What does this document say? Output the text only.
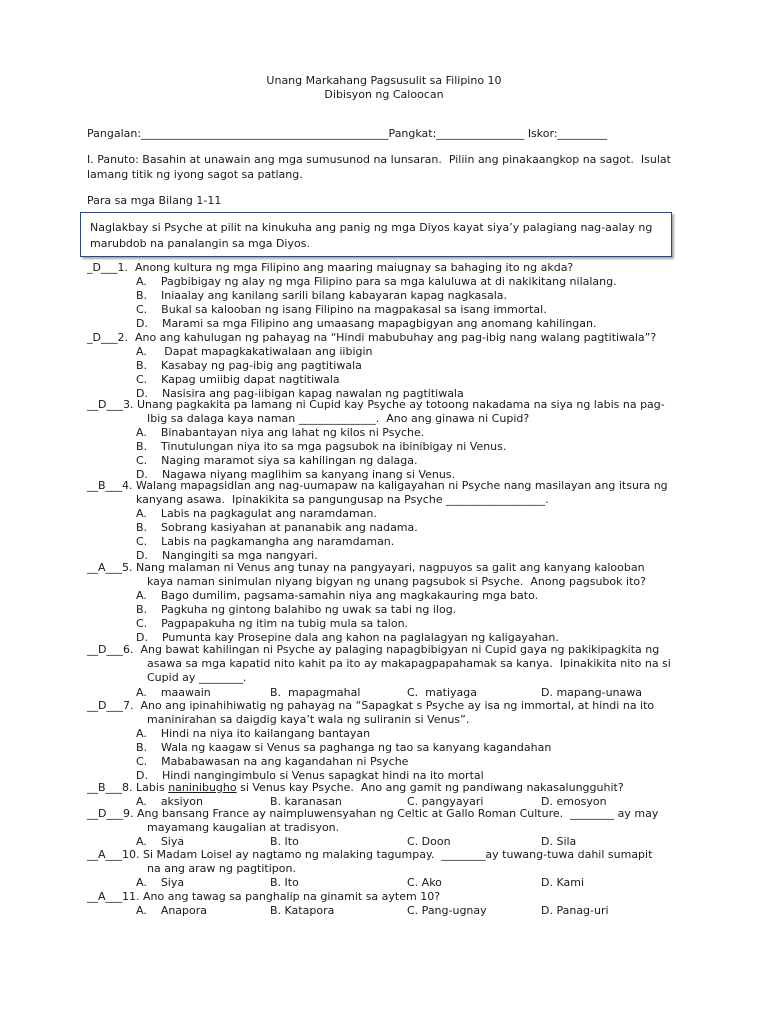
Unang Markahang Pagsusulit sa Filipino 10
Dibisyon ng Caloocan
Pangalan:_____________________________________________Pangkat:________________ Iskor:_________
I. Panuto: Basahin at unawain ang mga sumusunod na lunsaran.  Piliin ang pinakaangkop na sagot.  Isulat
lamang titik ng iyong sagot sa patlang.
Para sa mga Bilang 1-11
Naglakbay si Psyche at pilit na kinukuha ang panig ng mga Diyos kayat siya’y palagiang nag-aalay ng marubdob na panalangin sa mga Diyos.
_D___1.  Anong kultura ng mga Filipino ang maaring maiugnay sa bahaging ito ng akda?
A.    Pagbibigay ng alay ng mga Filipino para sa mga kaluluwa at di nakikitang nilalang.
B.    Iniaalay ang kanilang sarili bilang kabayaran kapag nagkasala.
C.    Bukal sa kalooban ng isang Filipino na magpakasal sa isang immortal.
D.    Marami sa mga Filipino ang umaasang mapagbigyan ang anomang kahilingan.
_D___2.  Ano ang kahulugan ng pahayag na “Hindi mabubuhay ang pag-ibig nang walang pagtitiwala”?
A.     Dapat mapagkakatiwalaan ang iibigin
B.    Kasabay ng pag-ibig ang pagtitiwala
C.    Kapag umiibig dapat nagtitiwala
D.    Nasisira ang pag-iibigan kapag nawalan ng pagtitiwala
__D___3. Unang pagkakita pa lamang ni Cupid kay Psyche ay totoong nakadama na siya ng labis na pag-
Ibig sa dalaga kaya naman ______________.  Ano ang ginawa ni Cupid?
A.    Binabantayan niya ang lahat ng kilos ni Psyche.
B.    Tinutulungan niya ito sa mga pagsubok na ibinibigay ni Venus.
C.    Naging maramot siya sa kahilingan ng dalaga.
D.    Nagawa niyang maglihim sa kanyang inang si Venus.
__B___4. Walang mapagsidlan ang nag-uumapaw na kaligayahan ni Psyche nang masilayan ang itsura ng
kanyang asawa.  Ipinakikita sa pangungusap na Psyche __________________.
A.    Labis na pagkagulat ang naramdaman.
B.    Sobrang kasiyahan at pananabik ang nadama.
C.    Labis na pagkamangha ang naramdaman.
D.    Nangingiti sa mga nangyari.
__A___5. Nang malaman ni Venus ang tunay na pangyayari, nagpuyos sa galit ang kanyang kalooban
kaya naman sinimulan niyang bigyan ng unang pagsubok si Psyche.  Anong pagsubok ito?
A.    Bago dumilim, pagsama-samahin niya ang magkakauring mga bato.
B.    Pagkuha ng gintong balahibo ng uwak sa tabi ng ilog.
C.    Pagpapakuha ng itim na tubig mula sa talon.
D.    Pumunta kay Prosepine dala ang kahon na paglalagyan ng kaligayahan.
__D___6.  Ang bawat kahilingan ni Psyche ay palaging napagbibigyan ni Cupid gaya ng pakikipagkita ng
asawa sa mga kapatid nito kahit pa ito ay makapagpapahamak sa kanya.  Ipinakikita nito na si
Cupid ay ________.
A.    maawain	B.  mapagmahal	C.  matiyaga	D. mapang-unawa
__D___7.  Ano ang ipinahihiwatig ng pahayag na “Sapagkat s Psyche ay isa ng immortal, at hindi na ito
maninirahan sa daigdig kaya’t wala ng suliranin si Venus”.
A.    Hindi na niya ito kailangang bantayan
B.    Wala ng kaagaw si Venus sa paghanga ng tao sa kanyang kagandahan
C.    Mababawasan na ang kagandahan ni Psyche
D.    Hindi nangingimbulo si Venus sapagkat hindi na ito mortal
__B___8. Labis naninibugho si Venus kay Psyche.  Ano ang gamit ng pandiwang nakasalungguhit?
A.    aksiyon	B. karanasan	C. pangyayari	D. emosyon
__D___9. Ang bansang France ay naimpluwensyahan ng Celtic at Gallo Roman Culture.  ________ ay may
mayamang kaugalian at tradisyon.
A.    Siya	B. Ito	C. Doon	D. Sila
__A___10. Si Madam Loisel ay nagtamo ng malaking tagumpay.  ________ay tuwang-tuwa dahil sumapit
na ang araw ng pagtitipon.
A.    Siya	B. Ito	C. Ako	D. Kami
__A___11. Ano ang tawag sa panghalip na ginamit sa aytem 10?
A.    Anapora	B. Katapora	C. Pang-ugnay	D. Panag-uri
